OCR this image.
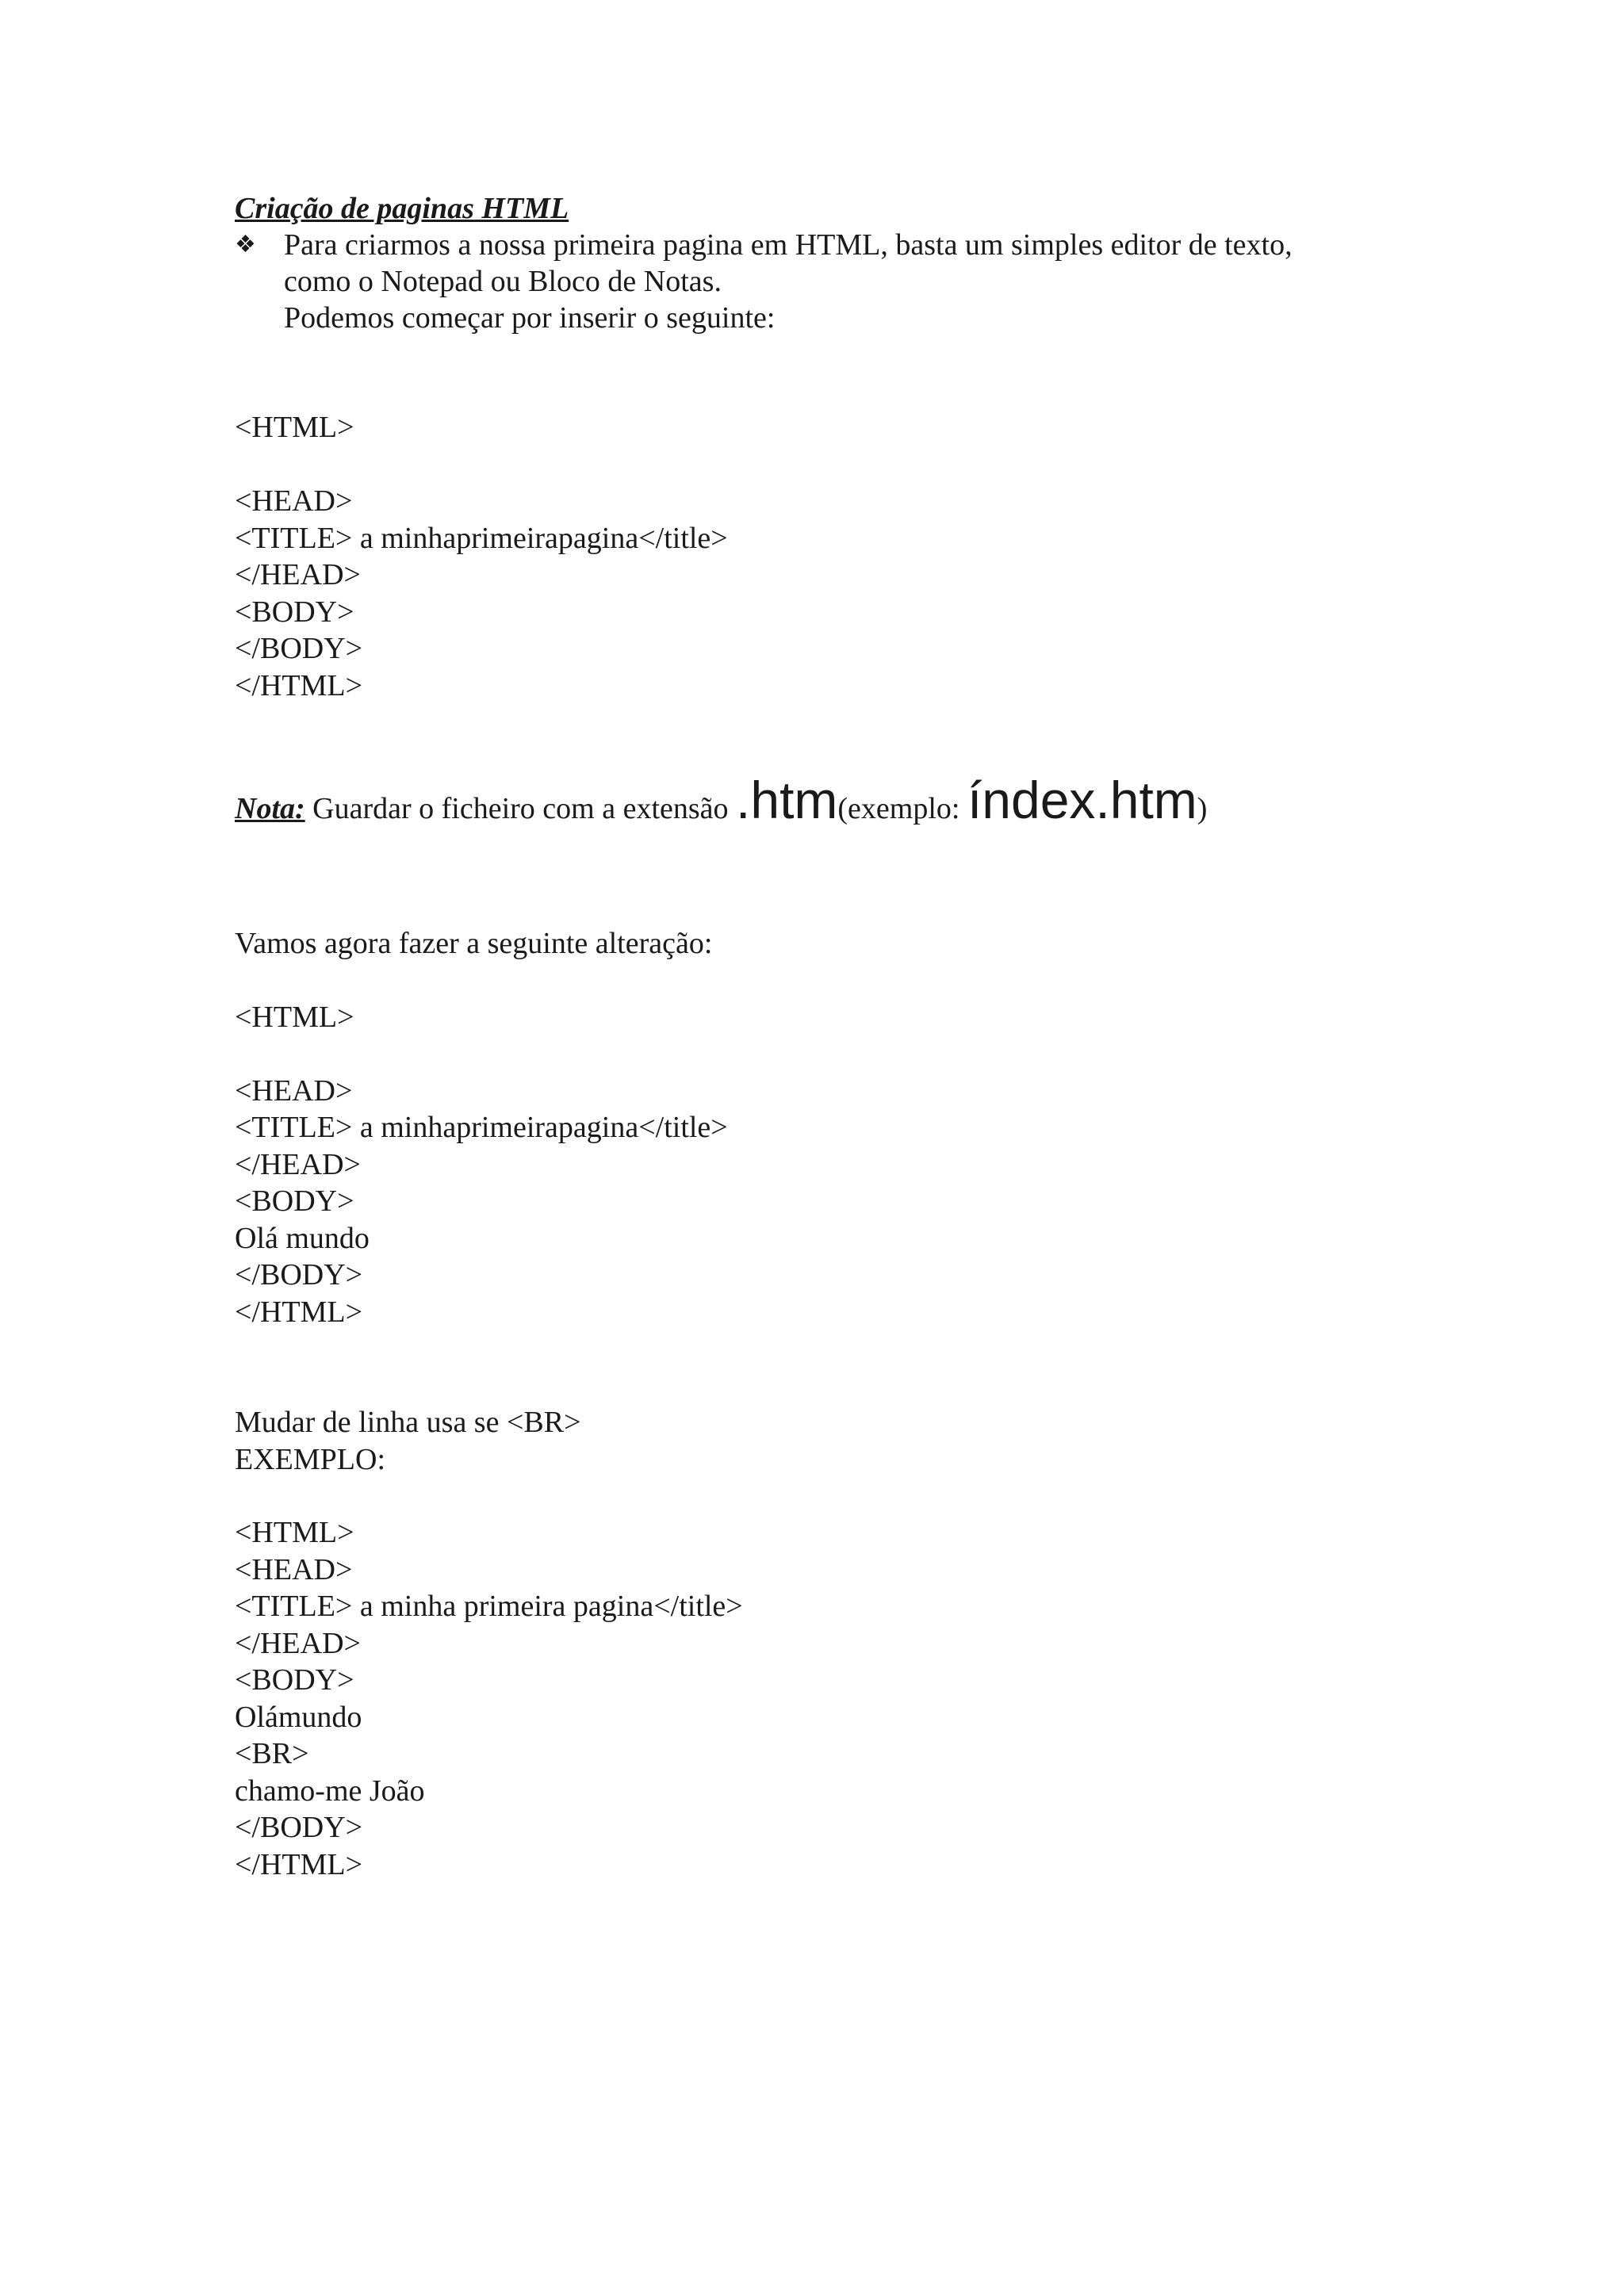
Criação de paginas HTML
❖ Para criarmos a nossa primeira pagina em HTML, basta um simples editor de texto,

como o Notepad ou Bloco de Notas.

Podemos começar por inserir o seguinte:

<HTML>
<HEAD>
<TITLE> a minhaprimeirapagina</title>
</HEAD>
<BODY>
</BODY>
</HTML>
Nota: Guardar o ficheiro com a extensão .htm(exemplo: índex.htm)
Vamos agora fazer a seguinte alteração:
<HTML>
<HEAD>
<TITLE> a minhaprimeirapagina</title>
</HEAD>
<BODY>
Olá mundo
</BODY>
</HTML>
Mudar de linha usa se <BR>
EXEMPLO:
<HTML>
<HEAD>
<TITLE> a minha primeira pagina</title>
</HEAD>
<BODY>
Olámundo
<BR>
chamo-me João
</BODY>
</HTML>
